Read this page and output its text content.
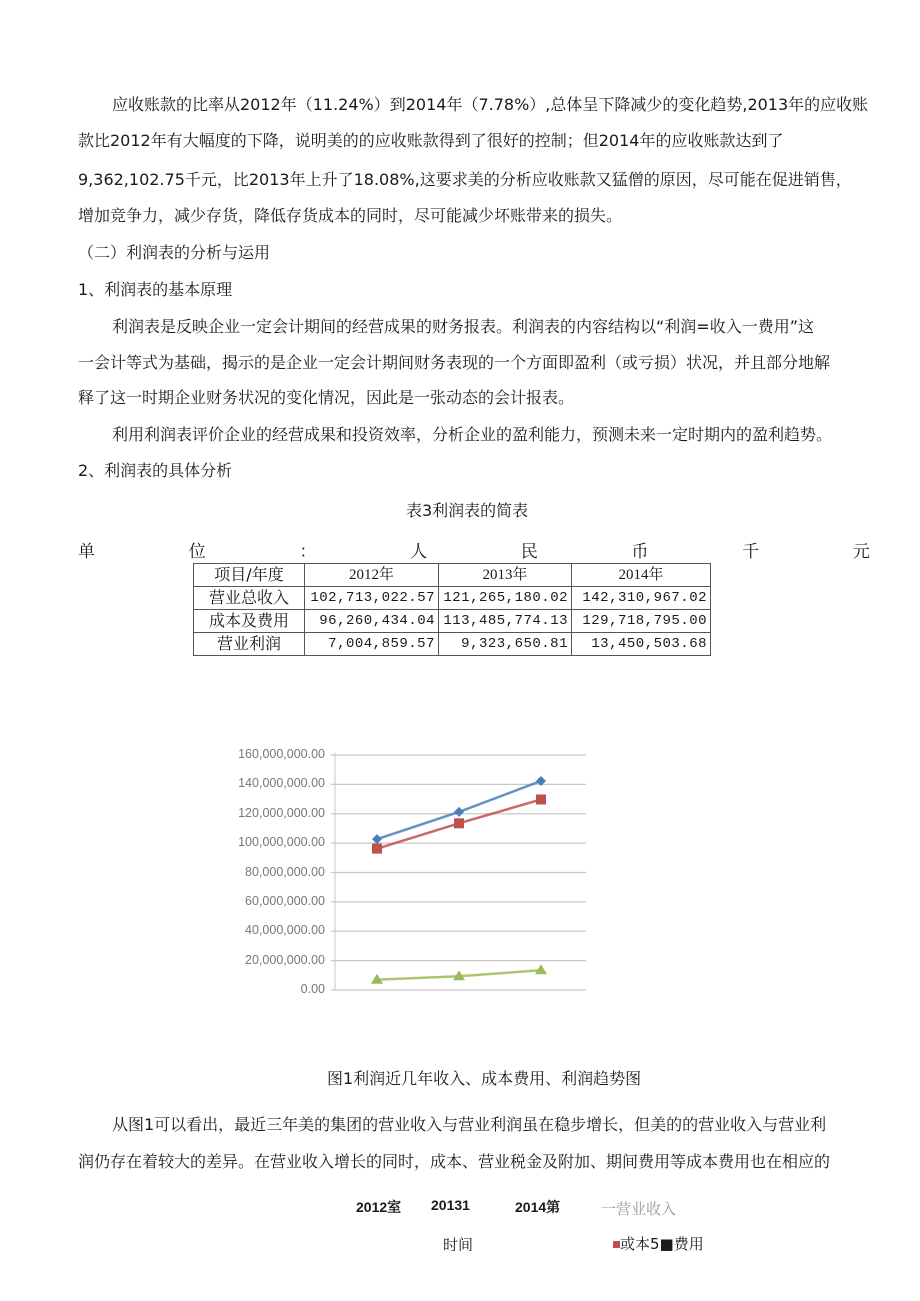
应收账款的比率从2012年（11.24%）到2014年（7.78%）,总体呈下降减少的变化趋势,2013年的应收账
款比2012年有大幅度的下降，说明美的的应收账款得到了很好的控制；但2014年的应收账款达到了
9,362,102.75千元，比2013年上升了18.08%,这要求美的分析应收账款又猛僧的原因，尽可能在促进销售，
增加竞争力，减少存货，降低存货成本的同时，尽可能减少坏账带来的损失。
（二）利润表的分析与运用
1、利润表的基本原理
利润表是反映企业一定会计期间的经营成果的财务报表。利润表的内容结构以“利润=收入一费用”这
一会计等式为基础，揭示的是企业一定会计期间财务表现的一个方面即盈利（或亏损）状况，并且部分地解
释了这一时期企业财务状况的变化情况，因此是一张动态的会计报表。
利用利润表评价企业的经营成果和投资效率，分析企业的盈利能力，预测未来一定时期内的盈利趋势。
2、利润表的具体分析
表3利润表的简表
单	位	：	人	民	币	千	元
项目/年度	2012年	2013年	2014年
营业总收入	102,713,022.57	121,265,180.02	142,310,967.02
成本及费用	96,260,434.04	113,485,774.13	129,718,795.00
营业利润	7,004,859.57	9,323,650.81	13,450,503.68
0.00
20,000,000.00
40,000,000.00
60,000,000.00
80,000,000.00
100,000,000.00
120,000,000.00
140,000,000.00
160,000,000.00
图1利润近几年收入、成本费用、利润趋势图
从图1可以看出，最近三年美的集团的营业收入与营业利润虽在稳步增长，但美的的营业收入与营业利
润仍存在着较大的差异。在营业收入增长的同时，成本、营业税金及附加、期间费用等成本费用也在相应的
2012室 20131	2014第	一营业收入
时间	或本5■费用
